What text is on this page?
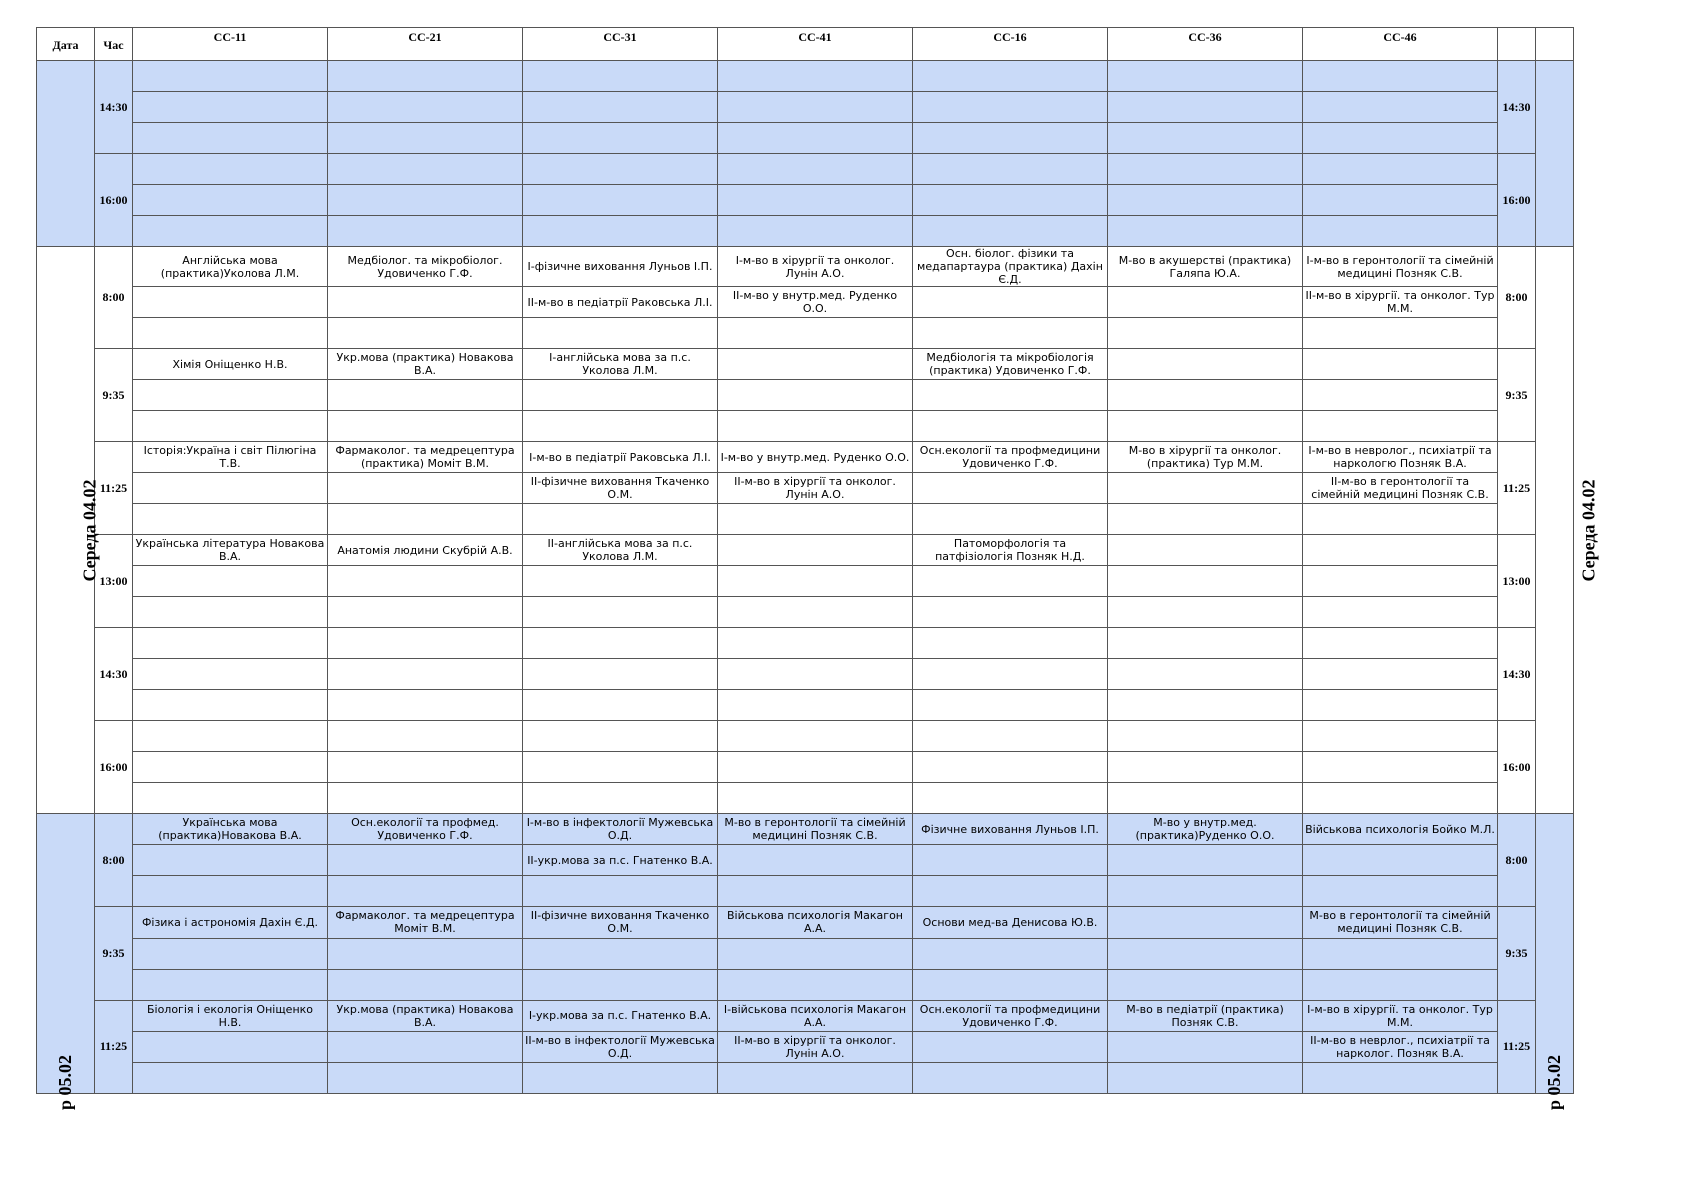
Дата	Час	СС-11	СС-21	СС-31	СС-41	СС-16	СС-36	СС-46		
	14:30								14:30	

	16:00								16:00	

Середа 04.02	8:00	Англійська мова (практика)Уколова Л.М.	Медбіолог. та мікробіолог. Удовиченко Г.Ф.	І-фізичне виховання Луньов І.П.	І-м-во в хірургії та онколог. Лунін А.О.	Осн. біолог. фізики та медапартаура (практика) Дахін Є.Д.	М-во в акушерстві (практика) Галяпа Ю.А.	І-м-во в геронтології та сімейній медицині Позняк С.В.	8:00	Середа 04.02
				ІІ-м-во в педіатрії Раковська Л.І.	ІІ-м-во у внутр.мед. Руденко О.О.			ІІ-м-во в хірургії. та онколог. Тур М.М.		

	9:35	Хімія Оніщенко Н.В.	Укр.мова (практика) Новакова В.А.	І-англійська мова за п.с. Уколова Л.М.		Медбіологія та мікробіологія (практика) Удовиченко Г.Ф.			9:35	

	11:25	Історія:Україна і світ Пілюгіна Т.В.	Фармаколог. та медрецептура (практика) Моміт В.М.	І-м-во в педіатрії Раковська Л.І.	І-м-во у внутр.мед. Руденко О.О.	Осн.екології та профмедицини Удовиченко Г.Ф.	М-во в хірургії та онколог. (практика) Тур М.М.	І-м-во в невролог., психіатрії та наркологю Позняк В.А.	11:25	
				ІІ-фізичне виховання Ткаченко О.М.	ІІ-м-во в хірургії та онколог. Лунін А.О.			ІІ-м-во в геронтології та сімейній медицині Позняк С.В.		

	13:00	Українська література Новакова В.А.	Анатомія людини Скубрій А.В.	ІІ-англійська мова за п.с. Уколова Л.М.		Патоморфологія та патфізіологія Позняк Н.Д.			13:00	

	14:30								14:30	

	16:00								16:00	

р 05.02	8:00	Українська мова (практика)Новакова В.А.	Осн.екології та профмед. Удовиченко Г.Ф.	І-м-во в інфектології Мужевська О.Д.	М-во в геронтології та сімейній медицині Позняк С.В.	Фізичне виховання Луньов І.П.	М-во у внутр.мед. (практика)Руденко О.О.	Військова психологія Бойко М.Л.	8:00	р 05.02

				ІІ-укр.мова за п.с. Гнатенко В.А.						

	9:35	Фізика і астрономія Дахін Є.Д.	Фармаколог. та медрецептура Моміт В.М.	ІІ-фізичне виховання Ткаченко О.М.	Військова психологія Макагон А.А.	Основи мед-ва Денисова Ю.В.		М-во в геронтології та сімейній медицині Позняк С.В.	9:35	

	11:25	Біологія і екологія Оніщенко Н.В.	Укр.мова (практика) Новакова В.А.	І-укр.мова за п.с. Гнатенко В.А.	І-військова психологія Макагон А.А.	Осн.екології та профмедицини Удовиченко Г.Ф.	М-во в педіатрії (практика) Позняк С.В.	І-м-во в хірургії. та онколог. Тур М.М.	11:25	
				ІІ-м-во в інфектології Мужевська О.Д.	ІІ-м-во в хірургії та онколог. Лунін А.О.			ІІ-м-во в неврлог., психіатрії та нарколог. Позняк В.А.		
